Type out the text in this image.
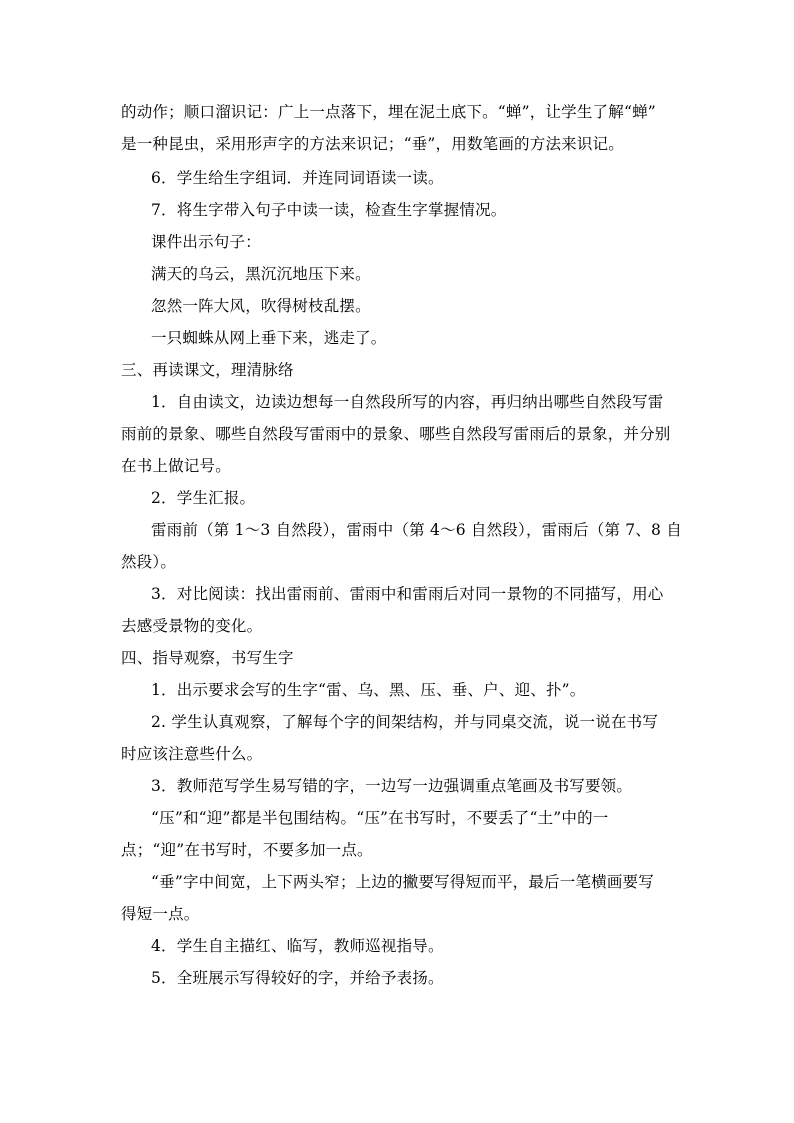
的动作；顺口溜识记：广上一点落下，埋在泥土底下。“蝉”，让学生了解“蝉”
是一种昆虫，采用形声字的方法来识记；“垂”，用数笔画的方法来识记。
6．学生给生字组词．并连同词语读一读。
7．将生字带入句子中读一读，检查生字掌握情况。
课件出示句子：
满天的乌云，黑沉沉地压下来。
忽然一阵大风，吹得树枝乱摆。
一只蜘蛛从网上垂下来，逃走了。
三、再读课文，理清脉络
1．自由读文，边读边想每一自然段所写的内容，再归纳出哪些自然段写雷
雨前的景象、哪些自然段写雷雨中的景象、哪些自然段写雷雨后的景象，并分别
在书上做记号。
2．学生汇报。
雷雨前（第 1～3 自然段），雷雨中（第 4～6 自然段），雷雨后（第 7、8 自
然段）。
3．对比阅读：找出雷雨前、雷雨中和雷雨后对同一景物的不同描写，用心
去感受景物的变化。
四、指导观察，书写生字
1．出示要求会写的生字“雷、乌、黑、压、垂、户、迎、扑”。
2. 学生认真观察，了解每个字的间架结构，并与同桌交流，说一说在书写
时应该注意些什么。
3．教师范写学生易写错的字，一边写一边强调重点笔画及书写要领。
“压”和“迎”都是半包围结构。“压”在书写时，不要丢了“土”中的一
点；“迎”在书写时，不要多加一点。
“垂”字中间宽，上下两头窄；上边的撇要写得短而平，最后一笔横画要写
得短一点。
4．学生自主描红、临写，教师巡视指导。
5．全班展示写得较好的字，并给予表扬。
